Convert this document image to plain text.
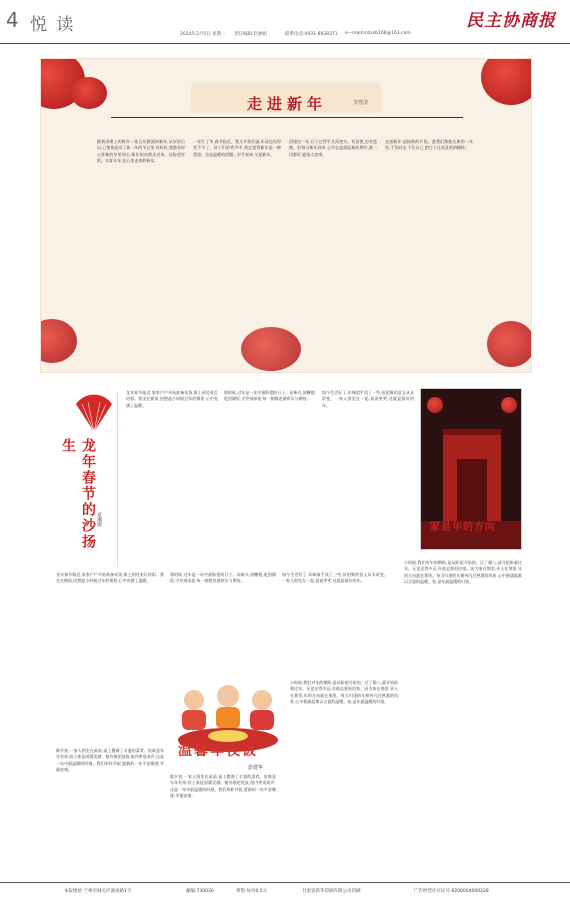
4 悦 读	民主协商报
2024年2月5日 星期一 责任编辑:赵涵娟	联系电话:0931-8928371 e—mail:mzxsb168@163.com
走进新年	李慧清
随着清理上的跨年一张日历掀面到新年,从岁的日历,已悄悄迎向了新一年的节日里,有时时,我都有时心怀新的岁里的心,新年的向我走近来。这盼望年的。年复年年,在心里走来的新年。
一年忙了冬,春节临近。我又开始忙碌,年货也办得差不多了。孩子们的笑声中,我总觉得新年是一种希望。也是温暖的团圆。岁月匆匆,又是新年。
回望这一年,日子过得平凡而充实。有喜悦,也有遗憾。但每当新年到来,心中总是涌起新的期许,愿一切都好,愿家人安康。
走进新年,迎接新的开始。愿我们都能在新的一年里,不负时光,不负自己,把日子过成喜欢的模样。
龙年春节的沙扬生
章潮琪
龙年春节临近,家家户户开始准备年货,街上到处张灯结彩。我坐在窗前,回想起小时候过年的情景,心中充满了温暖。
那时候,过年是一年中最盼望的日子。穿新衣,放鞭炮,吃团圆饭,守岁到深夜,每一刻都充满欢乐与期待。
如今生活好了,年味似乎淡了一些,但团聚的意义从未改变。一家人围坐在一起,说说笑笑,这就是最好的年。
家是年的方向
李新设
龙年春节临近,家家户户开始准备年货,街上到处张灯结彩。我坐在窗前,回想起小时候过年的情景,心中充满了温暖。
那时候,过年是一年中最盼望的日子。穿新衣,放鞭炮,吃团圆饭,守岁到深夜,每一刻都充满欢乐与期待。
如今生活好了,年味似乎淡了一些,但团聚的意义从未改变。一家人围坐在一起,说说笑笑,这就是最好的年。
温馨年夜饭
彭建华
除夕夜,一家人围坐在桌前,桌上摆满了丰盛的菜肴。鱼寓意年年有余,饺子象征团圆美满。窗外烟花绽放,屋内笑语欢声,这是一年中最温暖的时刻。我们举杯共祝,愿新的一年平安顺遂,幸福安康。
除夕夜,一家人围坐在桌前,桌上摆满了丰盛的菜肴。鱼寓意年年有余,饺子象征团圆美满。窗外烟花绽放,屋内笑语欢声,这是一年中最温暖的时刻。我们举杯共祝,愿新的一年平安顺遂,幸福安康。
小时候,我们对年的期盼,是从盼望开始的。过了腊八,就开始盼着过年。无论走得多远,年前总要赶回家。因为家在那里,亲人在那里,年的方向就在那里。每当归途的车窗外闪过熟悉的风景,心中便涌起难以言说的温暖。家,是年最温暖的归宿。
小时候,我们对年的期盼,是从盼望开始的。过了腊八,就开始盼着过年。无论走得多远,年前总要赶回家。因为家在那里,亲人在那里,年的方向就在那里。每当归途的车窗外闪过熟悉的风景,心中便涌起难以言说的温暖。家,是年最温暖的归宿。
本报地址:兰州市城关区酒泉路1号	邮编:730030	零售:每份0.5元	甘肃省新华印刷有限公司印刷	广告经营许可证号:6200004000228
